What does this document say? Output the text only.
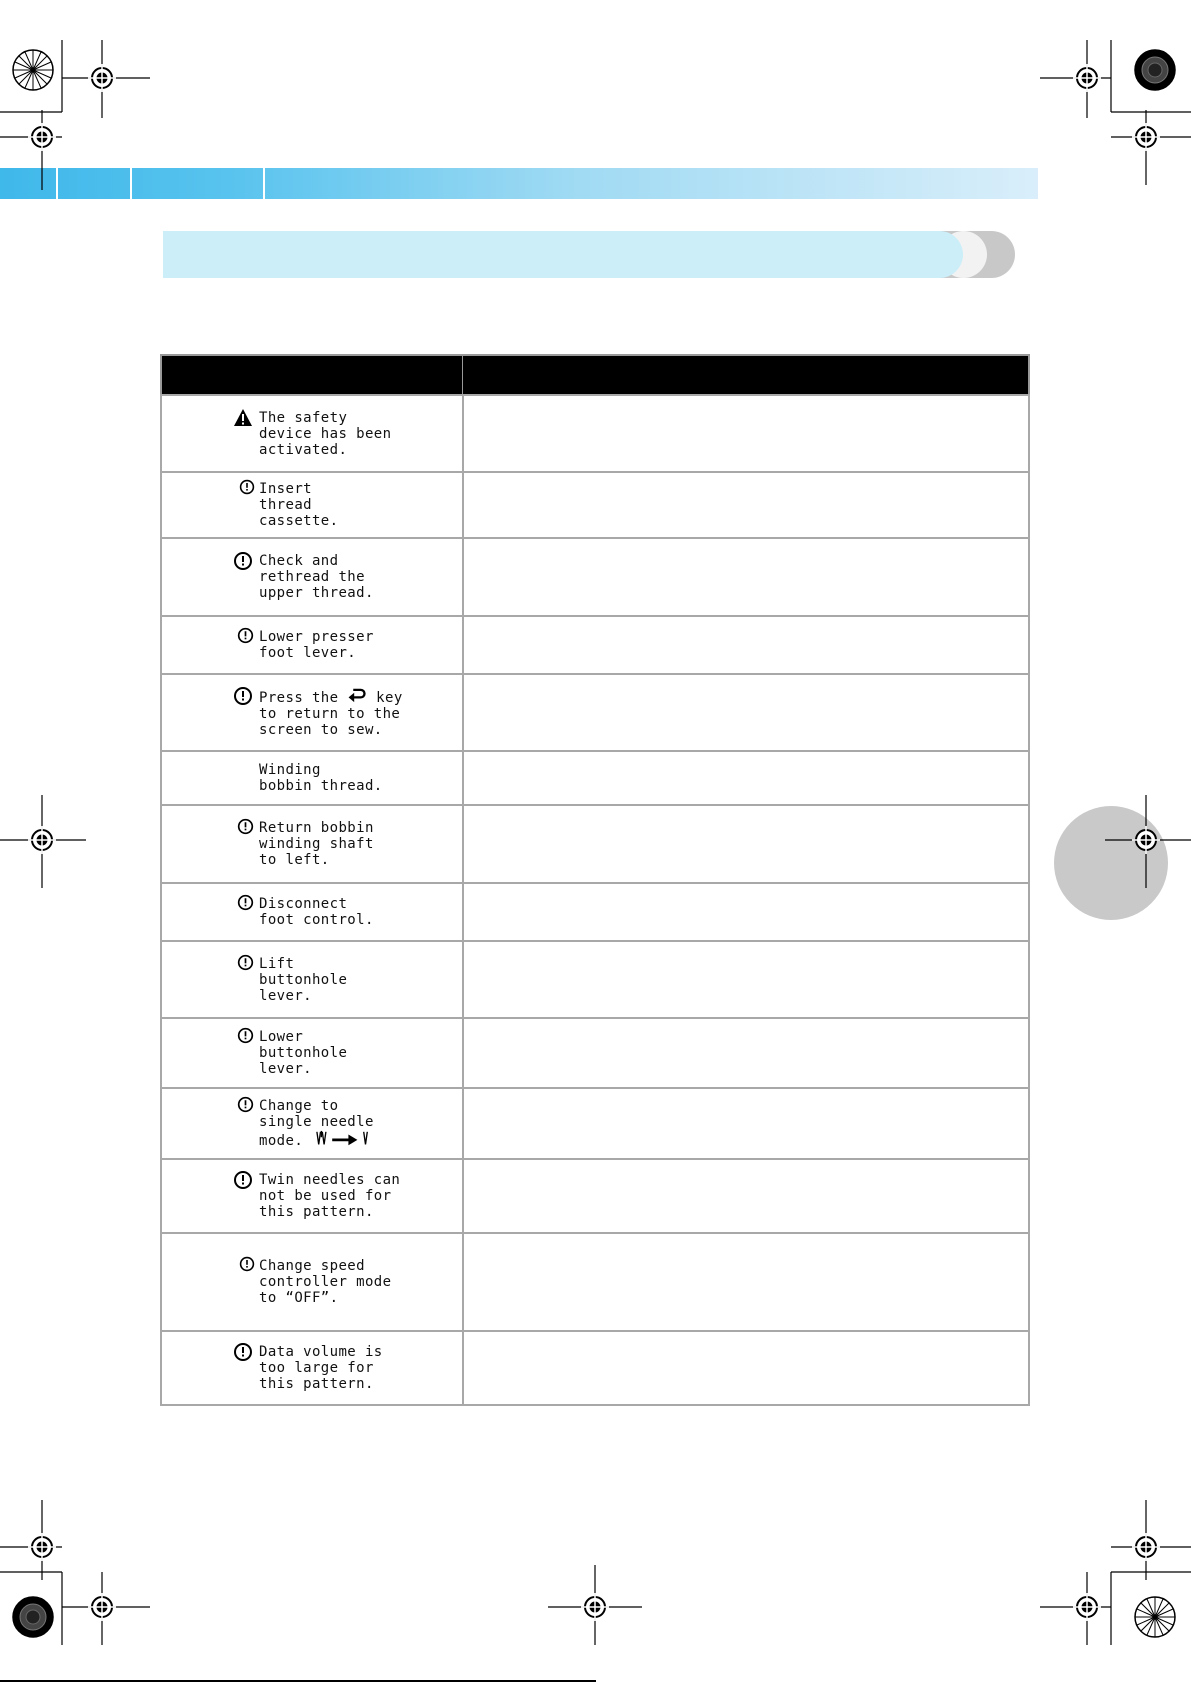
The safety
device has been
activated.	

Insert
thread
cassette.	

Check and
rethread the
upper thread.	

Lower presser
foot lever.	

Press the key
to return to the
screen to sew.	

Winding
bobbin thread.	

Return bobbin
winding shaft
to left.	

Disconnect
foot control.	

Lift
buttonhole
lever.	

Lower
buttonhole
lever.	

Change to
single needle
mode.	

Twin needles can
not be used for
this pattern.	

Change speed
controller mode
to “OFF”.	

Data volume is
too large for
this pattern.	
